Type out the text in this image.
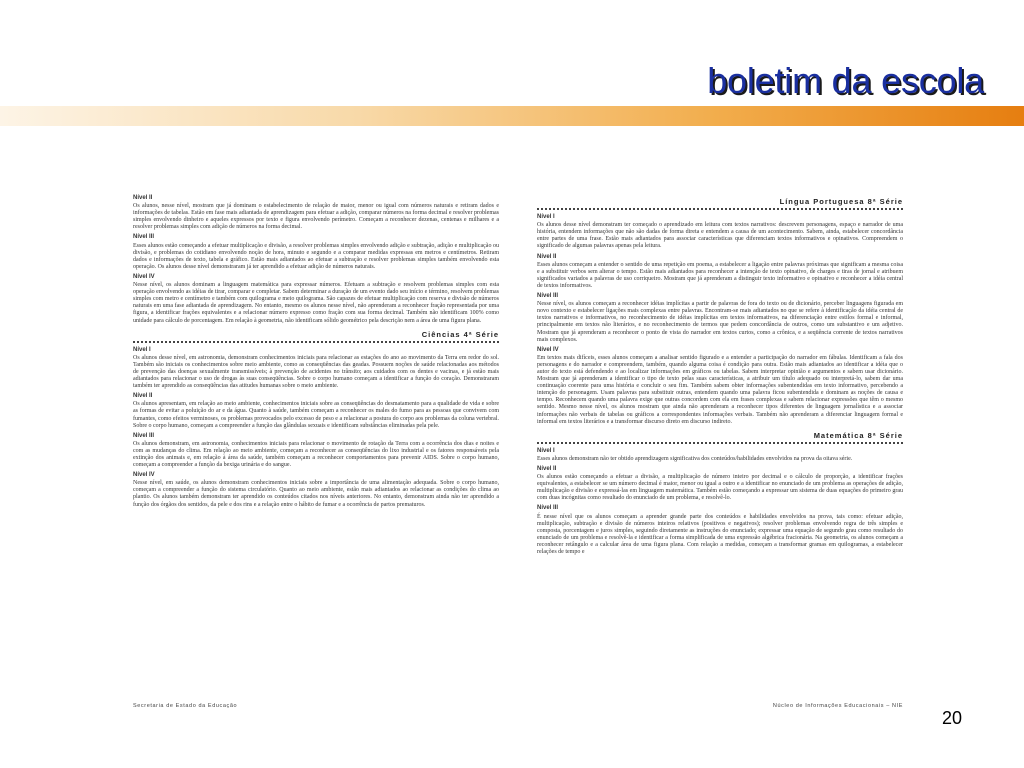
boletim da escola
Nível II

Os alunos, nesse nível, mostram que já dominam o estabelecimento de relação de maior, menor ou igual com números naturais e retiram dados e informações de tabelas. Estão em fase mais adiantada de aprendizagem para efetuar a adição, comparar números na forma decimal e resolver problemas simples envolvendo dinheiro e aqueles expressos por texto e figura envolvendo perímetro. Começam a reconhecer dezenas, centenas e milhares e a resolver problemas simples com adição de números na forma decimal.

Nível III

Esses alunos estão começando a efetuar multiplicação e divisão, a resolver problemas simples envolvendo adição e subtração, adição e multiplicação ou divisão, e problemas do cotidiano envolvendo noção de hora, minuto e segundo e a comparar medidas expressas em metros e centímetros. Retiram dados e informações de texto, tabela e gráfico. Estão mais adiantados ao efetuar a subtração e resolver problemas simples também envolvendo esta operação. Os alunos desse nível demonstraram já ter aprendido a efetuar adição de números naturais.

Nível IV

Nesse nível, os alunos dominam a linguagem matemática para expressar números. Efetuam a subtração e resolvem problemas simples com esta operação envolvendo as idéias de tirar, comparar e completar. Sabem determinar a duração de um evento dado seu início e término, resolvem problemas simples com metro e centímetro e também com quilograma e meio quilograma. São capazes de efetuar multiplicação com reserva e divisão de números naturais em uma fase adiantada de aprendizagem. No entanto, mesmo os alunos nesse nível, não aprenderam a reconhecer fração representada por uma figura, a identificar frações equivalentes e a relacionar número expresso como fração com sua forma decimal. Também não identificam 100% como unidade para cálculo de porcentagem. Em relação à geometria, não identificam sólido geométrico pela descrição nem a área de uma figura plana.

Ciências 4ª Série
Nível I

Os alunos desse nível, em astronomia, demonstram conhecimentos iniciais para relacionar as estações do ano ao movimento da Terra em redor do sol. Também são iniciais os conhecimentos sobre meio ambiente, como as conseqüências das geadas. Possuem noções de saúde relacionadas aos métodos de prevenção das doenças sexualmente transmissíveis; à prevenção de acidentes no trânsito; aos cuidados com os dentes e vacinas, e já estão mais adiantados para relacionar o uso de drogas às suas conseqüências. Sobre o corpo humano começam a identificar a função do coração. Demonstraram também ter aprendido as conseqüências das atitudes humanas sobre o meio ambiente.

Nível II

Os alunos apresentam, em relação ao meio ambiente, conhecimentos iniciais sobre as conseqüências do desmatamento para a qualidade de vida e sobre as formas de evitar a poluição do ar e da água. Quanto à saúde, também começam a reconhecer os males do fumo para as pessoas que convivem com fumantes, como efeitos verminoses, os problemas provocados pelo excesso de peso e a relacionar a postura do corpo aos problemas da coluna vertebral. Sobre o corpo humano, começam a compreender a função das glândulas sexuais e identificam substâncias eliminadas pela pele.

Nível III

Os alunos demonstram, em astronomia, conhecimentos iniciais para relacionar o movimento de rotação da Terra com a ocorrência dos dias e noites e com as mudanças do clima. Em relação ao meio ambiente, começam a reconhecer as conseqüências do lixo industrial e os fatores responsáveis pela extinção dos animais e, em relação à área da saúde, também começam a reconhecer comportamentos para prevenir AIDS. Sobre o corpo humano, começam a compreender a função da bexiga urinária e do sangue.

Nível IV

Nesse nível, em saúde, os alunos demonstram conhecimentos iniciais sobre a importância de uma alimentação adequada. Sobre o corpo humano, começam a compreender a função do sistema circulatório. Quanto ao meio ambiente, estão mais adiantados ao relacionar as condições do clima ao plantio. Os alunos também demonstram ter aprendido os conteúdos citados nos níveis anteriores. No entanto, demonstram ainda não ter aprendido a função dos órgãos dos sentidos, da pele e dos rins e a relação entre o hábito de fumar e a ocorrência de partos prematuros.

Secretaria de Estado da Educação
Língua Portuguesa 8ª Série
Nível I

Os alunos desse nível demonstram ter começado o aprendizado em leitura com textos narrativos: descrevem personagens, espaço e narrador de uma história, entendem informações que não são dadas de forma direta e entendem a causa de um acontecimento. Sabem, ainda, estabelecer concordância entre partes de uma frase. Estão mais adiantados para associar características que diferenciam textos informativos e opinativos. Compreendem o significado de algumas palavras apenas pela leitura.

Nível II

Esses alunos começam a entender o sentido de uma repetição em poema, a estabelecer a ligação entre palavras próximas que significam a mesma coisa e a substituir verbos sem alterar o tempo. Estão mais adiantados para reconhecer a intenção de texto opinativo, de charges e tiras de jornal e atribuem significados variados a palavras de uso corriqueiro. Mostram que já aprenderam a distinguir texto informativo e opinativo e reconhecer a idéia central de textos informativos.

Nível III

Nesse nível, os alunos começam a reconhecer idéias implícitas a partir de palavras de fora do texto ou de dicionário, perceber linguagens figurada em novo contexto e estabelecer ligações mais complexas entre palavras. Encontram-se mais adiantados no que se refere à identificação da idéia central de textos narrativos e informativos, no reconhecimento de idéias implícitas em textos informativos, na diferenciação entre estilos formal e informal, principalmente em textos não literários, e no reconhecimento de termos que pedem concordância de outros, como um substantivo e um adjetivo. Mostram que já aprenderam a reconhecer o ponto de vista do narrador em textos curtos, como a crônica, e a seqüência corrente de textos narrativos mais complexos.

Nível IV

Em textos mais difíceis, esses alunos começam a analisar sentido figurado e a entender a participação do narrador em fábulas. Identificam a fala dos personagens e do narrador e compreendem, também, quando alguma coisa é condição para outra. Estão mais adiantados ao identificar a idéia que o autor do texto está defendendo e ao localizar informações em gráficos ou tabelas. Sabem interpretar opinião e argumentos e sabem usar dicionário. Mostram que já aprenderam a identificar o tipo de texto pelas suas características, a atribuir um título adequado ou interpretá-lo, sabem dar uma continuação coerente para uma história e concluir o seu fim. Também sabem obter informações subentendidas em texto informativo, percebendo a intenção do personagem. Usam palavras para substituir outras, entendem quando uma palavra ficou subentendida e dominam as noções de causa e tempo. Reconhecem quando uma palavra exige que outras concordem com ela em frases complexas e sabem relacionar expressões que têm o mesmo sentido. Mesmo nesse nível, os alunos mostram que ainda não aprenderam a reconhecer tipos diferentes de linguagem jornalística e a associar informações não verbais de tabelas ou gráficos a correspondentes informações verbais. Também não aprenderam a diferenciar linguagem formal e informal em textos literários e a transformar discurso direto em discurso indireto.

Matemática 8ª Série
Nível I

Esses alunos demonstram não ter obtido aprendizagem significativa dos conteúdos/habilidades envolvidos na prova da oitava série.

Nível II

Os alunos estão começando a efetuar a divisão, a multiplicação de número inteiro por decimal e o cálculo de proporção, a identificar frações equivalentes, a estabelecer se um número decimal é maior, menor ou igual a outro e a identificar no enunciado de um problema as operações de adição, multiplicação e divisão e expressá-las em linguagem matemática. Também estão começando a expressar um sistema de duas equações do primeiro grau com duas incógnitas como resultado do enunciado de um problema, e resolvê-lo.

Nível III

É nesse nível que os alunos começam a aprender grande parte dos conteúdos e habilidades envolvidos na prova, tais como: efetuar adição, multiplicação, subtração e divisão de números inteiros relativos (positivos e negativos); resolver problemas envolvendo regra de três simples e composta, porcentagem e juros simples, seguindo diretamente as instruções do enunciado; expressar uma equação de segundo grau como resultado do enunciado de um problema e resolvê-la e identificar a forma simplificada de uma expressão algébrica fracionária. Na geometria, os alunos começam a reconhecer retângulo e a calcular área de uma figura plana. Com relação a medidas, começam a transformar gramas em quilogramas, a estabelecer relações de tempo e

Núcleo de Informações Educacionais – NIE
20
